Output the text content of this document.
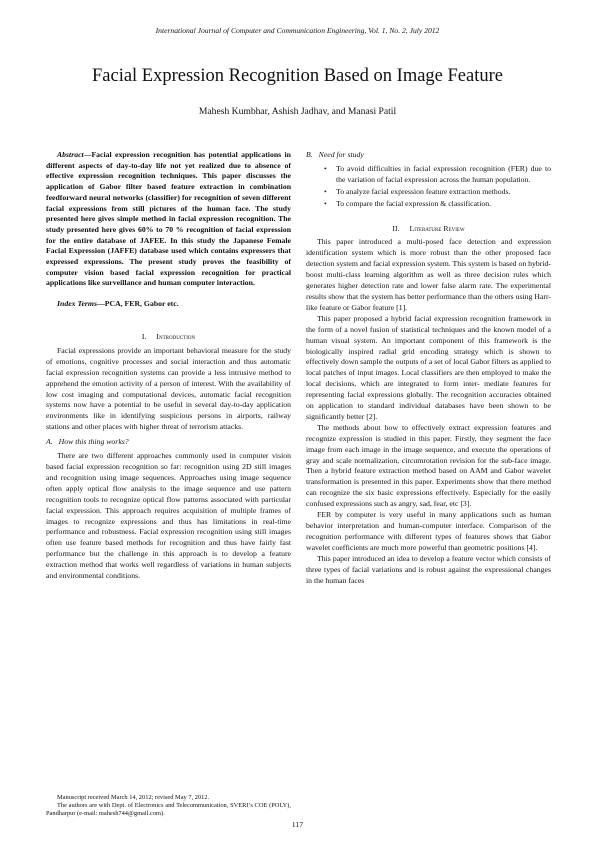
International Journal of Computer and Communication Engineering, Vol. 1, No. 2, July 2012
Facial Expression Recognition Based on Image Feature
Mahesh Kumbhar, Ashish Jadhav, and Manasi Patil

Abstract—Facial expression recognition has potential applications in different aspects of day-to-day life not yet realized due to absence of effective expression recognition techniques. This paper discusses the application of Gabor filter based feature extraction in combination feedforward neural networks (classifier) for recognition of seven different facial expressions from still pictures of the human face. The study presented here gives simple method in facial expression recognition. The study presented here gives 60% to 70 % recognition of facial expression for the entire database of JAFEE. In this study the Japanese Female Facial Expression (JAFFE) database used which contains expressers that expressed expressions. The present study proves the feasibility of computer vision based facial expression recognition for practical applications like surveillance and human computer interaction.

Index Terms—PCA, FER, Gabor etc.

I. Introduction

Facial expressions provide an important behavioral measure for the study of emotions, cognitive processes and social interaction and thus automatic facial expression recognition systems can provide a less intrusive method to apprehend the emotion activity of a person of interest. With the availability of low cost imaging and computational devices, automatic facial recognition systems now have a potential to be useful in several day-to-day application environments like in identifying suspicious persons in airports, railway stations and other places with higher threat of terrorism attacks.

A. How this thing works?

There are two different approaches commonly used in computer vision based facial expression recognition so far: recognition using 2D still images and recognition using image sequences. Approaches using image sequence often apply optical flow analysis to the image sequence and use pattern recognition tools to recognize optical flow patterns associated with particular facial expression. This approach requires acquisition of multiple frames of images to recognize expressions and thus has limitations in real-time performance and robustness. Facial expression recognition using still images often use feature based methods for recognition and thus have fairly fast performance but the challenge in this approach is to develop a feature extraction method that works well regardless of variations in human subjects and environmental conditions.

B. Need for study
• To avoid difficulties in facial expression recognition (FER) due to the variation of facial expression across the human population.
• To analyze facial expression feature extraction methods.
• To compare the facial expression & classification.
II. Literature Review

This paper introduced a multi-posed face detection and expression identification system which is more robust than the other proposed face detection system and facial expression system. This system is based on hybrid-boost multi-class learning algorithm as well as three decision rules which generates higher detection rate and lower false alarm rate. The experimental results show that the system has better performance than the others using Harr-like feature or Gabor feature [1].

This paper proposed a hybrid facial expression recognition framework in the form of a novel fusion of statistical techniques and the known model of a human visual system. An important component of this framework is the biologically inspired radial grid encoding strategy which is shown to effectively down sample the outputs of a set of local Gabor filters as applied to local patches of input images. Local classifiers are then employed to make the local decisions, which are integrated to form inter- mediate features for representing facial expressions globally. The recognition accuracies obtained on application to standard individual databases have been shown to be significantly better [2].

The methods about how to effectively extract expression features and recognize expression is studied in this paper. Firstly, they segment the face image from each image in the image sequence, and execute the operations of gray and scale normalization, circumrotation revision for the sub-face image. Then a hybrid feature extraction method based on AAM and Gabor wavelet transformation is presented in this paper. Experiments show that there method can recognize the six basic expressions effectively. Especially for the easily confused expressions such as angry, sad, fear, etc [3].

FER by computer is very useful in many applications such as human behavior interpretation and human-computer interface. Comparison of the recognition performance with different types of features shows that Gabor wavelet coefficients are much more powerful than geometric positions [4].

This paper introduced an idea to develop a feature vector which consists of three types of facial variations and is robust against the expressional changes in the human faces

Manuscript received March 14, 2012; revised May 7, 2012.

The authors are with Dept. of Electronics and Telecommunication, SVERI’s COE (POLY), Pandharpur (e-mail: mahesh744@gmail.com).

117
